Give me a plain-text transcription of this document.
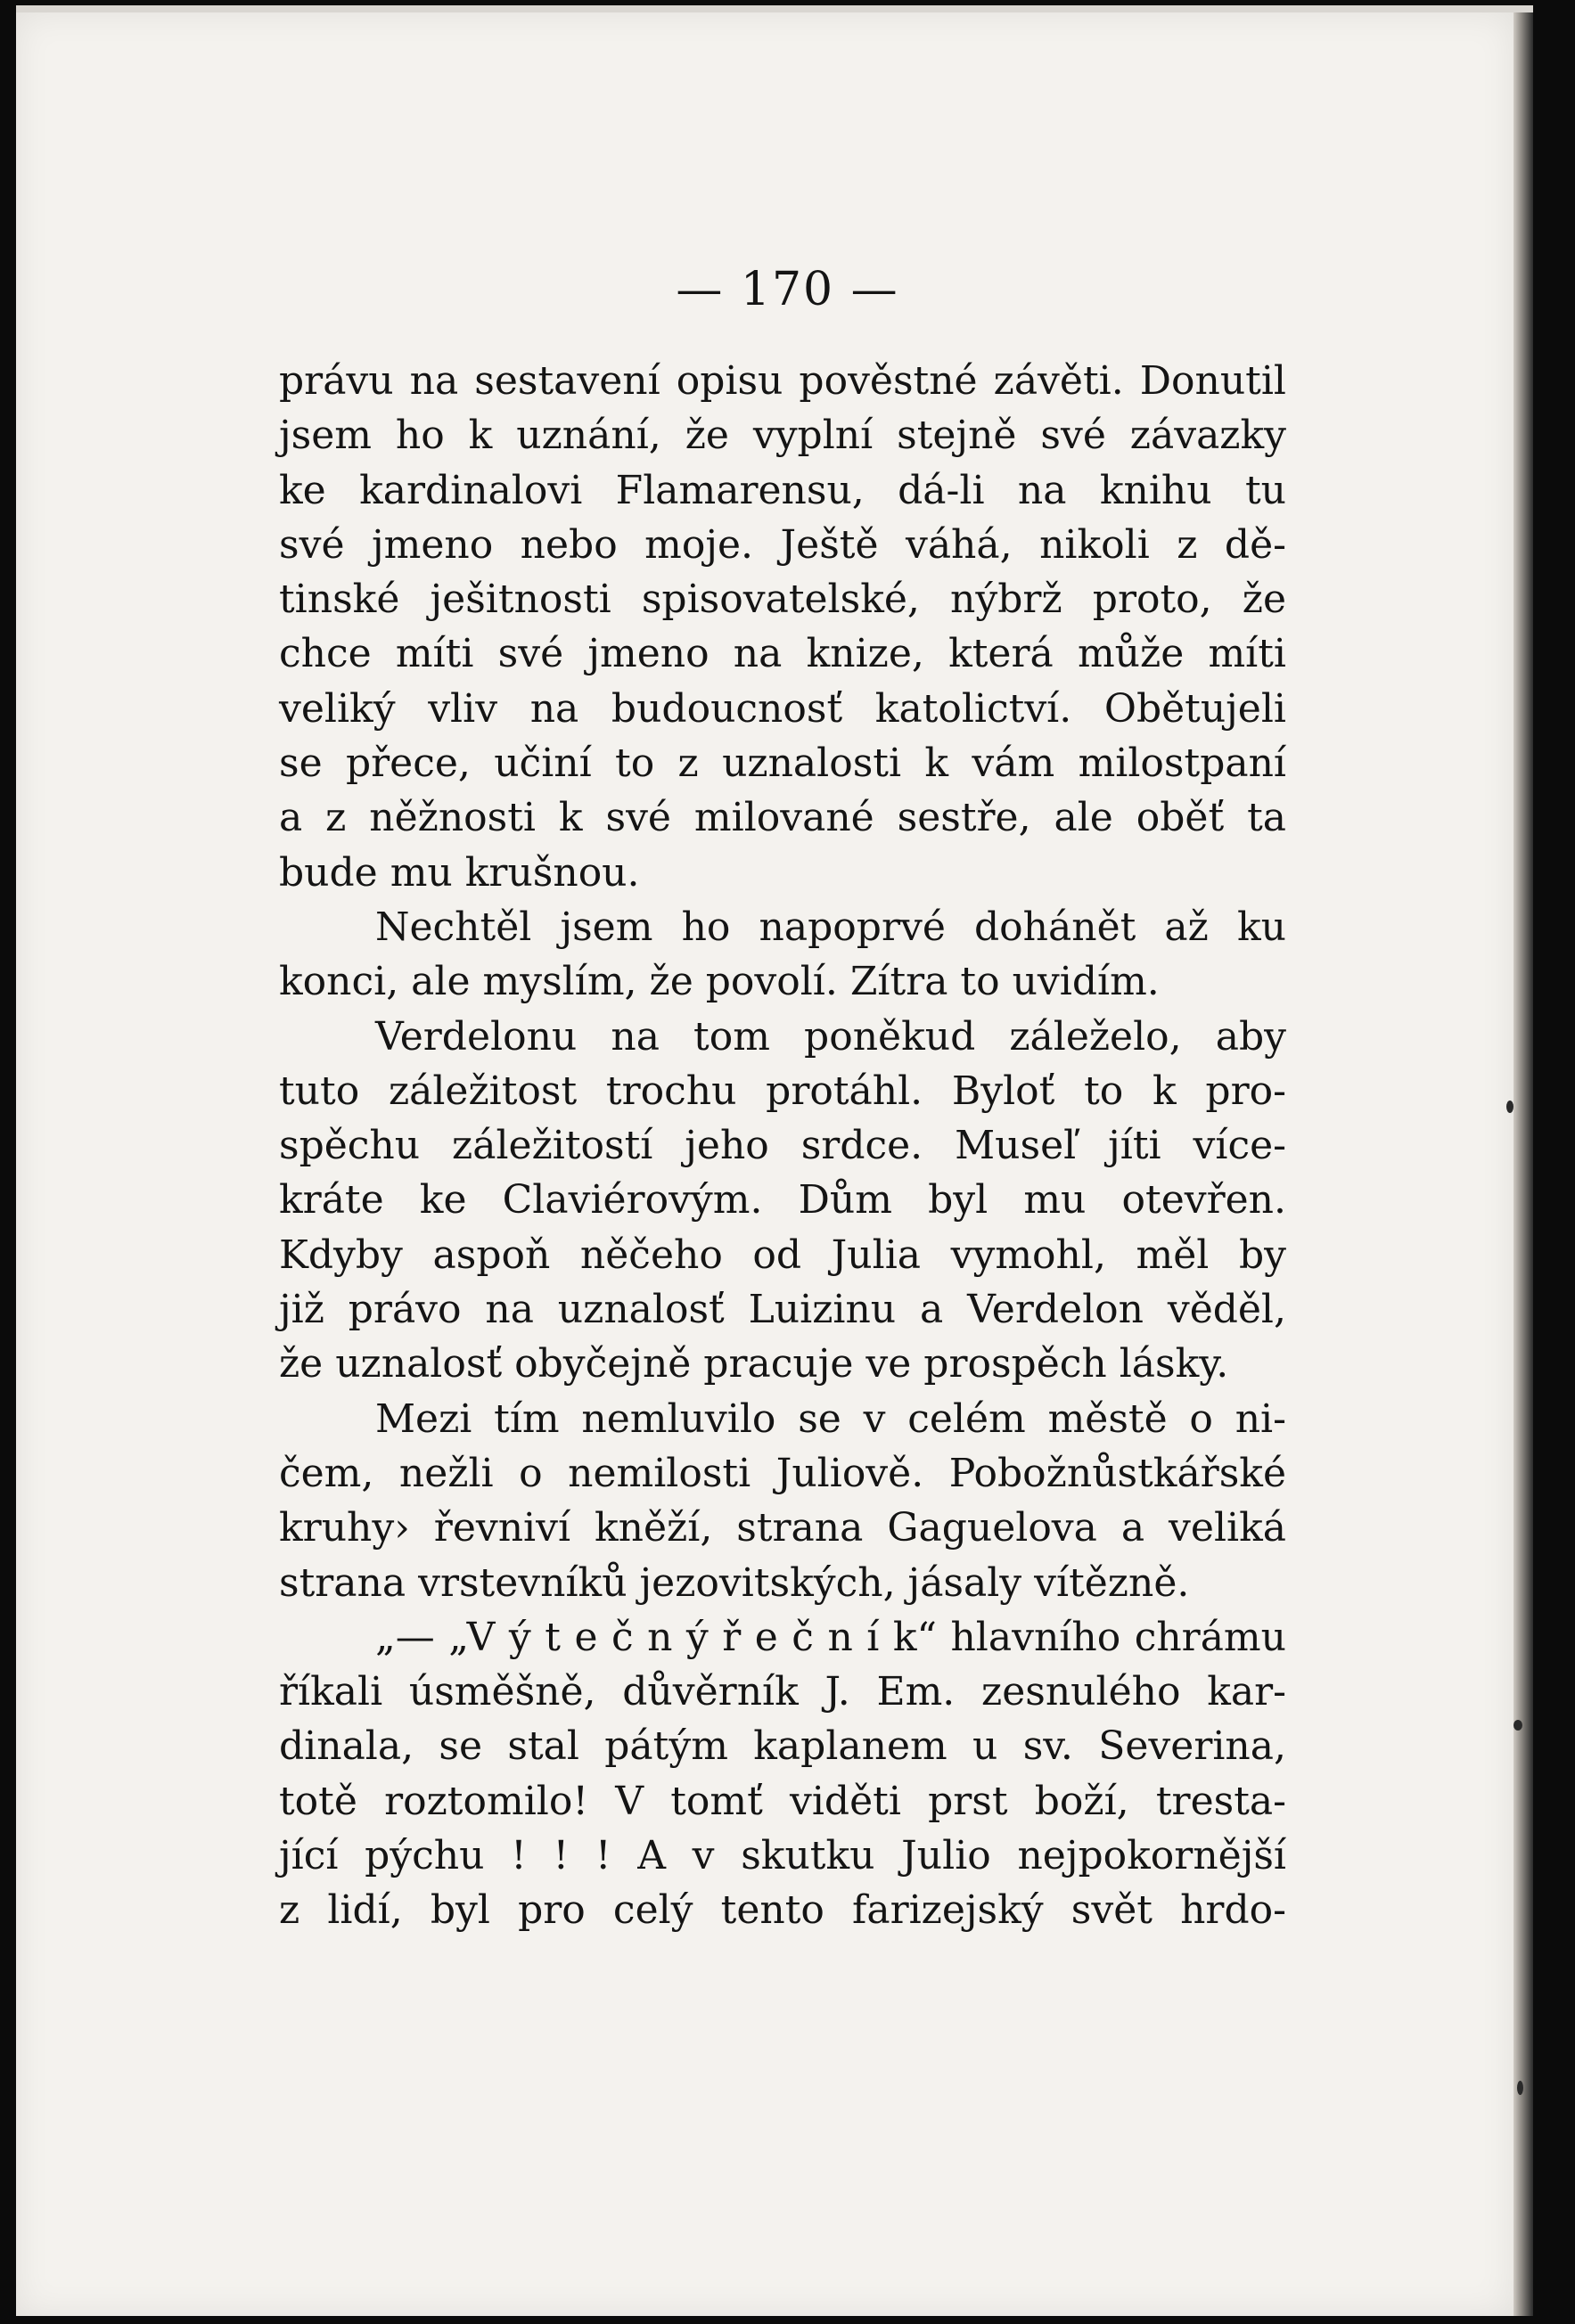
— 170 —
právu na sestavení opisu pověstné závěti. Donutil
jsem ho k uznání, že vyplní stejně své závazky
ke kardinalovi Flamarensu, dá-li na knihu tu
své jmeno nebo moje. Ještě váhá, nikoli z dě-
tinské ješitnosti spisovatelské, nýbrž proto, že
chce míti své jmeno na knize, která může míti
veliký vliv na budoucnosť katolictví. Obětujeli
se přece, učiní to z uznalosti k vám milostpaní
a z něžnosti k své milované sestře, ale oběť ta
bude mu krušnou.
Nechtěl jsem ho napoprvé dohánět až ku
konci, ale myslím, že povolí. Zítra to uvidím.
Verdelonu na tom poněkud záleželo, aby
tuto záležitost trochu protáhl. Byloť to k pro-
spěchu záležitostí jeho srdce. Museľ jíti více-
kráte ke Claviérovým. Dům byl mu otevřen.
Kdyby aspoň něčeho od Julia vymohl, měl by
již právo na uznalosť Luizinu a Verdelon věděl,
že uznalosť obyčejně pracuje ve prospěch lásky.
Mezi tím nemluvilo se v celém městě o ni-
čem, nežli o nemilosti Juliově. Pobožnůstkářské
kruhy› řevniví kněží, strana Gaguelova a veliká
strana vrstevníků jezovitských, jásaly vítězně.
„— „V ý t e č n ý ř e č n í k“ hlavního chrámu
říkali úsměšně, důvěrník J. Em. zesnulého kar-
dinala, se stal pátým kaplanem u sv. Severina,
totě roztomilo! V tomť viděti prst boží, tresta-
jící pýchu ! ! ! A v skutku Julio nejpokornější
z lidí, byl pro celý tento farizejský svět hrdo-
